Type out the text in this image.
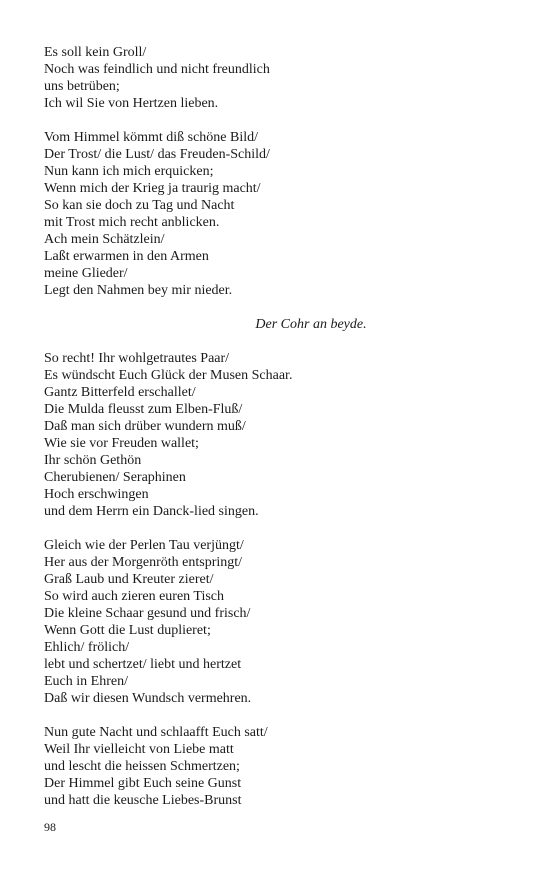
Es soll kein Groll/
Noch was feindlich und nicht freundlich
uns betrüben;
Ich wil Sie von Hertzen lieben.
Vom Himmel kömmt diß schöne Bild/
Der Trost/ die Lust/ das Freuden-Schild/
Nun kann ich mich erquicken;
Wenn mich der Krieg ja traurig macht/
So kan sie doch zu Tag und Nacht
mit Trost mich recht anblicken.
Ach mein Schätzlein/
Laßt erwarmen in den Armen
meine Glieder/
Legt den Nahmen bey mir nieder.
Der Cohr an beyde.
So recht! Ihr wohlgetrautes Paar/
Es wündscht Euch Glück der Musen Schaar.
Gantz Bitterfeld erschallet/
Die Mulda fleusst zum Elben-Fluß/
Daß man sich drüber wundern muß/
Wie sie vor Freuden wallet;
Ihr schön Gethön
Cherubienen/ Seraphinen
Hoch erschwingen
und dem Herrn ein Danck-lied singen.
Gleich wie der Perlen Tau verjüngt/
Her aus der Morgenröth entspringt/
Graß Laub und Kreuter zieret/
So wird auch zieren euren Tisch
Die kleine Schaar gesund und frisch/
Wenn Gott die Lust duplieret;
Ehlich/ frölich/
lebt und schertzet/ liebt und hertzet
Euch in Ehren/
Daß wir diesen Wundsch vermehren.
Nun gute Nacht und schlaafft Euch satt/
Weil Ihr vielleicht von Liebe matt
und lescht die heissen Schmertzen;
Der Himmel gibt Euch seine Gunst
und hatt die keusche Liebes-Brunst
98
